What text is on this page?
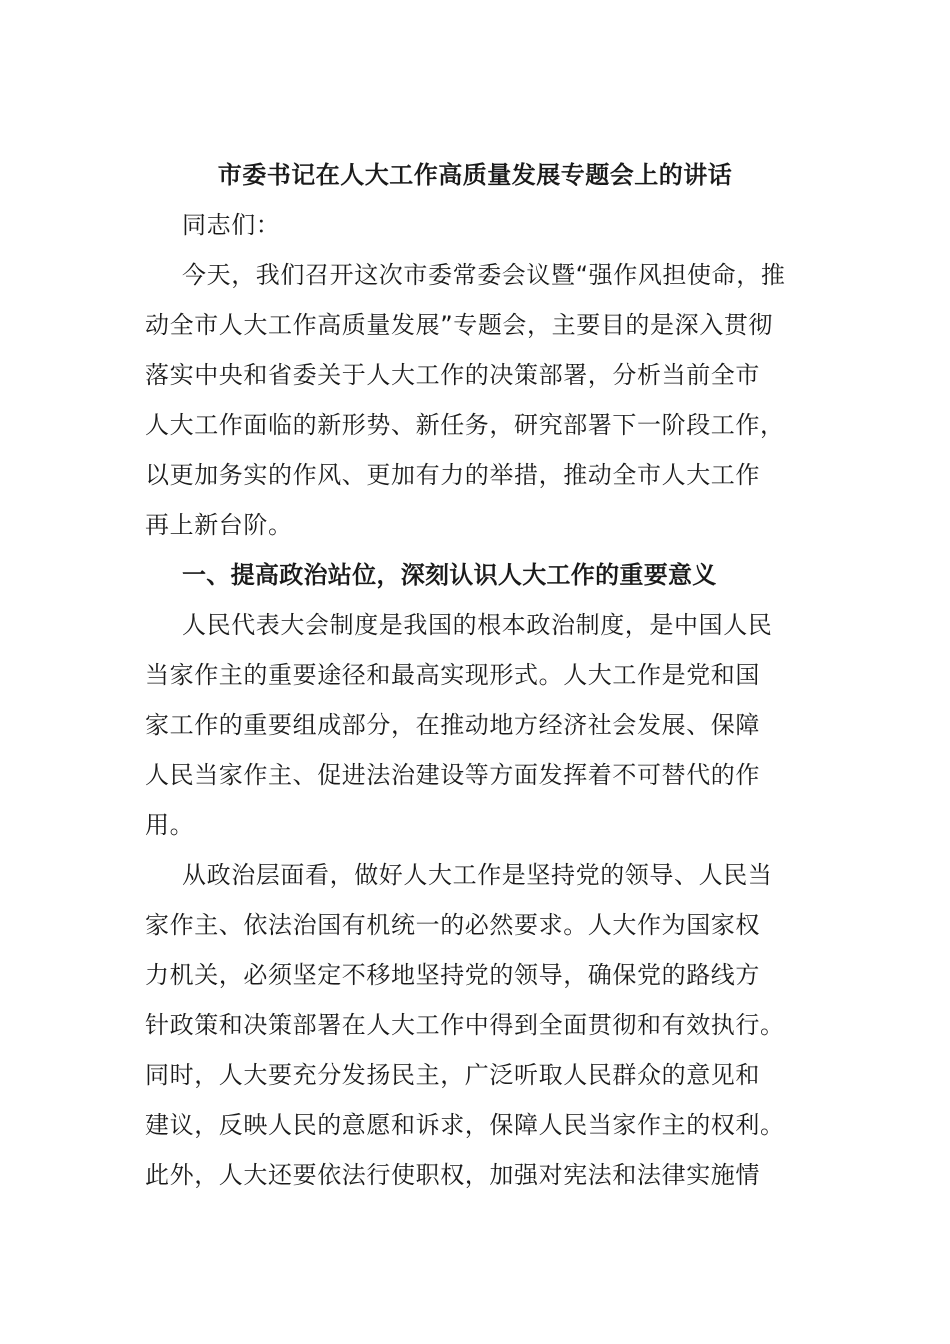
市委书记在人大工作高质量发展专题会上的讲话
同志们：
今天，我们召开这次市委常委会议暨“强作风担使命，推
动全市人大工作高质量发展”专题会，主要目的是深入贯彻
落实中央和省委关于人大工作的决策部署，分析当前全市
人大工作面临的新形势、新任务，研究部署下一阶段工作，
以更加务实的作风、更加有力的举措，推动全市人大工作
再上新台阶。
一、提高政治站位，深刻认识人大工作的重要意义
人民代表大会制度是我国的根本政治制度，是中国人民
当家作主的重要途径和最高实现形式。人大工作是党和国
家工作的重要组成部分，在推动地方经济社会发展、保障
人民当家作主、促进法治建设等方面发挥着不可替代的作
用。
从政治层面看，做好人大工作是坚持党的领导、人民当
家作主、依法治国有机统一的必然要求。人大作为国家权
力机关，必须坚定不移地坚持党的领导，确保党的路线方
针政策和决策部署在人大工作中得到全面贯彻和有效执行。
同时，人大要充分发扬民主，广泛听取人民群众的意见和
建议，反映人民的意愿和诉求，保障人民当家作主的权利。
此外，人大还要依法行使职权，加强对宪法和法律实施情
